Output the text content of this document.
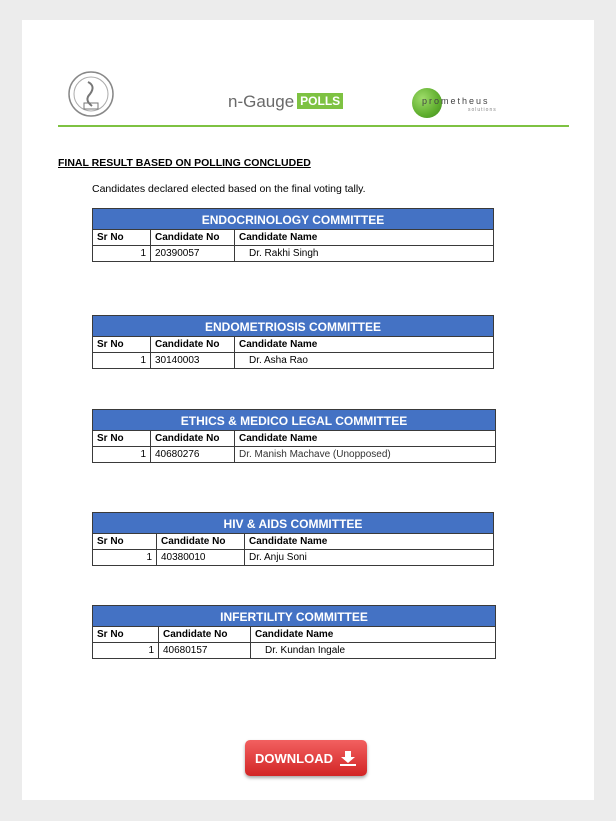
n-Gauge POLLS	prometheus
solutions
FINAL RESULT BASED ON POLLING CONCLUDED
Candidates declared elected based on the final voting tally.
ENDOCRINOLOGY COMMITTEE		
Sr No	Candidate No	Candidate Name
1	20390057	Dr. Rakhi Singh
ENDOMETRIOSIS COMMITTEE		
Sr No	Candidate No	Candidate Name
1	30140003	Dr. Asha Rao
ETHICS & MEDICO LEGAL COMMITTEE		
Sr No	Candidate No	Candidate Name
1	40680276	Dr. Manish Machave (Unopposed)
HIV & AIDS COMMITTEE		
Sr No	Candidate No	Candidate Name
1	40380010	Dr. Anju Soni
INFERTILITY COMMITTEE		
Sr No	Candidate No	Candidate Name
1	40680157	Dr. Kundan Ingale
DOWNLOAD
